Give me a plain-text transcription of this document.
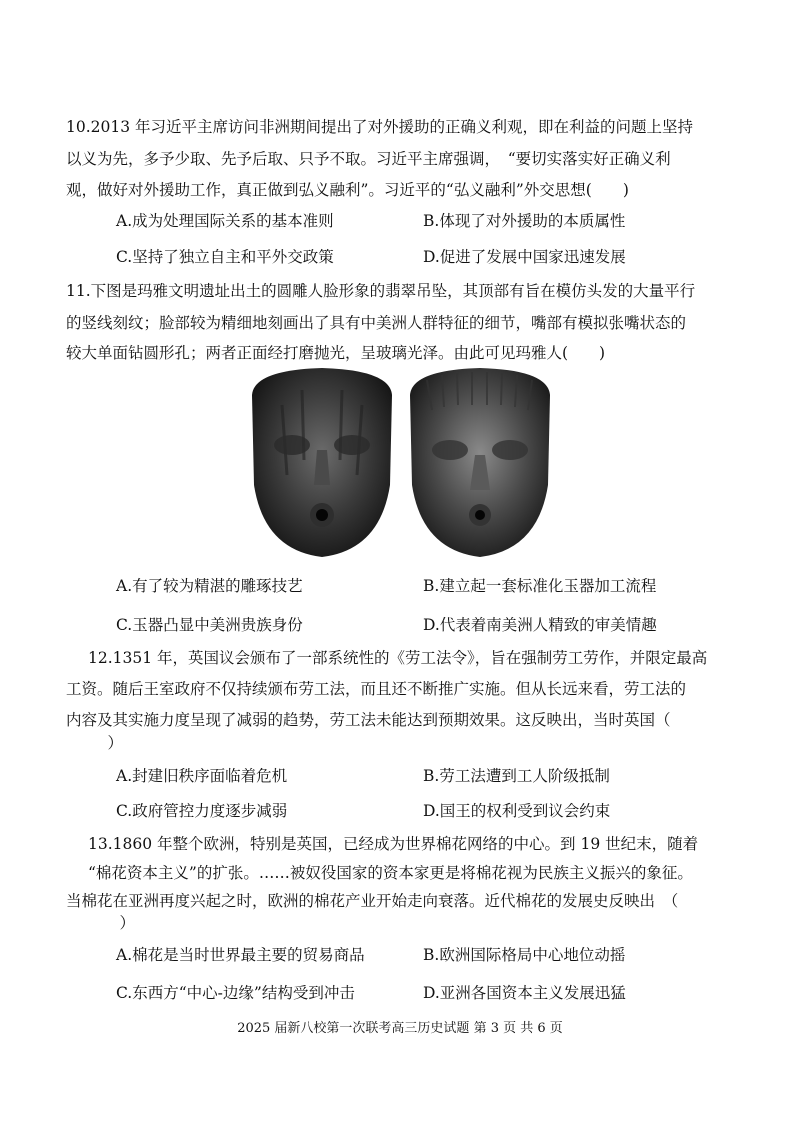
10.2013 年习近平主席访问非洲期间提出了对外援助的正确义利观，即在利益的问题上坚持
以义为先，多予少取、先予后取、只予不取。习近平主席强调，　“要切实落实好正确义利
观，做好对外援助工作，真正做到弘义融利”。习近平的“弘义融利”外交思想(　　)
A.成为处理国际关系的基本准则	B.体现了对外援助的本质属性
C.坚持了独立自主和平外交政策	D.促进了发展中国家迅速发展
11.下图是玛雅文明遗址出土的圆雕人脸形象的翡翠吊坠，其顶部有旨在模仿头发的大量平行
的竖线刻纹；脸部较为精细地刻画出了具有中美洲人群特征的细节，嘴部有模拟张嘴状态的
较大单面钻圆形孔；两者正面经打磨抛光，呈玻璃光泽。由此可见玛雅人(　　)
A.有了较为精湛的雕琢技艺	B.建立起一套标准化玉器加工流程
C.玉器凸显中美洲贵族身份	D.代表着南美洲人精致的审美情趣
12.1351 年，英国议会颁布了一部系统性的《劳工法令》，旨在强制劳工劳作，并限定最高
工资。随后王室政府不仅持续颁布劳工法，而且还不断推广实施。但从长远来看，劳工法的
内容及其实施力度呈现了减弱的趋势，劳工法未能达到预期效果。这反映出，当时英国（
　）
A.封建旧秩序面临着危机	B.劳工法遭到工人阶级抵制
C.政府管控力度逐步减弱	D.国王的权利受到议会约束
13.1860 年整个欧洲，特别是英国，已经成为世界棉花网络的中心。到 19 世纪末，随着
“棉花资本主义”的扩张。……被奴役国家的资本家更是将棉花视为民族主义振兴的象征。
当棉花在亚洲再度兴起之时，欧洲的棉花产业开始走向衰落。近代棉花的发展史反映出　（
　）
A.棉花是当时世界最主要的贸易商品	B.欧洲国际格局中心地位动摇
C.东西方“中心-边缘”结构受到冲击	D.亚洲各国资本主义发展迅猛
2025 届新八校第一次联考高三历史试题 第 3 页 共 6 页
